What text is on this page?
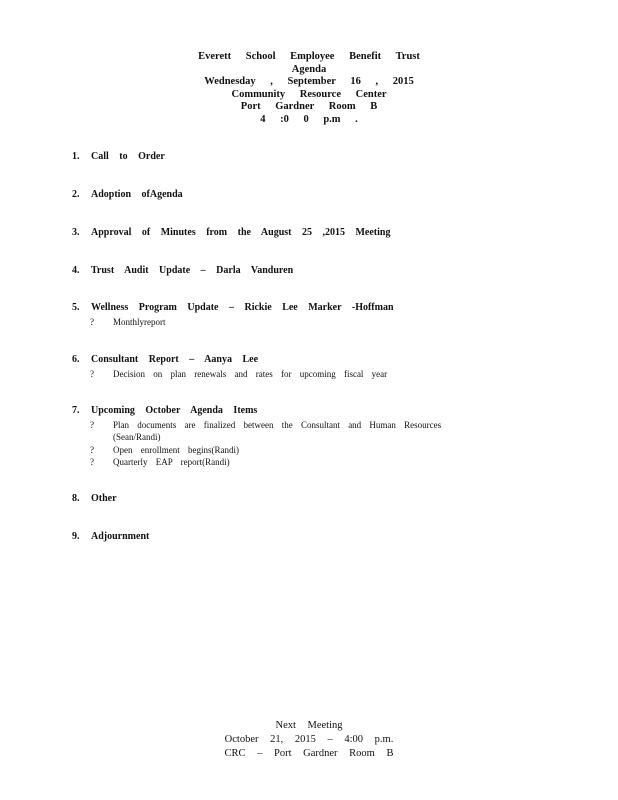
Everett School Employee Benefit Trust
Agenda
Wednesday , September 16 , 2015
Community Resource Center
Port Gardner Room B
4 :0 0 p.m .
1. Call to Order
2. Adoption ofAgenda
3. Approval of Minutes from the August 25 ,2015 Meeting
4. Trust Audit Update – Darla Vanduren
5. Wellness Program Update – Rickie Lee Marker -Hoffman
? Monthlyreport
6. Consultant Report – Aanya Lee
? Decision on plan renewals and rates for upcoming fiscal year
7. Upcoming October Agenda Items
? Plan documents are finalized between the Consultant and Human Resources (Sean/Randi)
? Open enrollment begins(Randi)
? Quarterly EAP report(Randi)
8. Other
9. Adjournment
Next Meeting
October 21, 2015 – 4:00 p.m.
CRC – Port Gardner Room B
